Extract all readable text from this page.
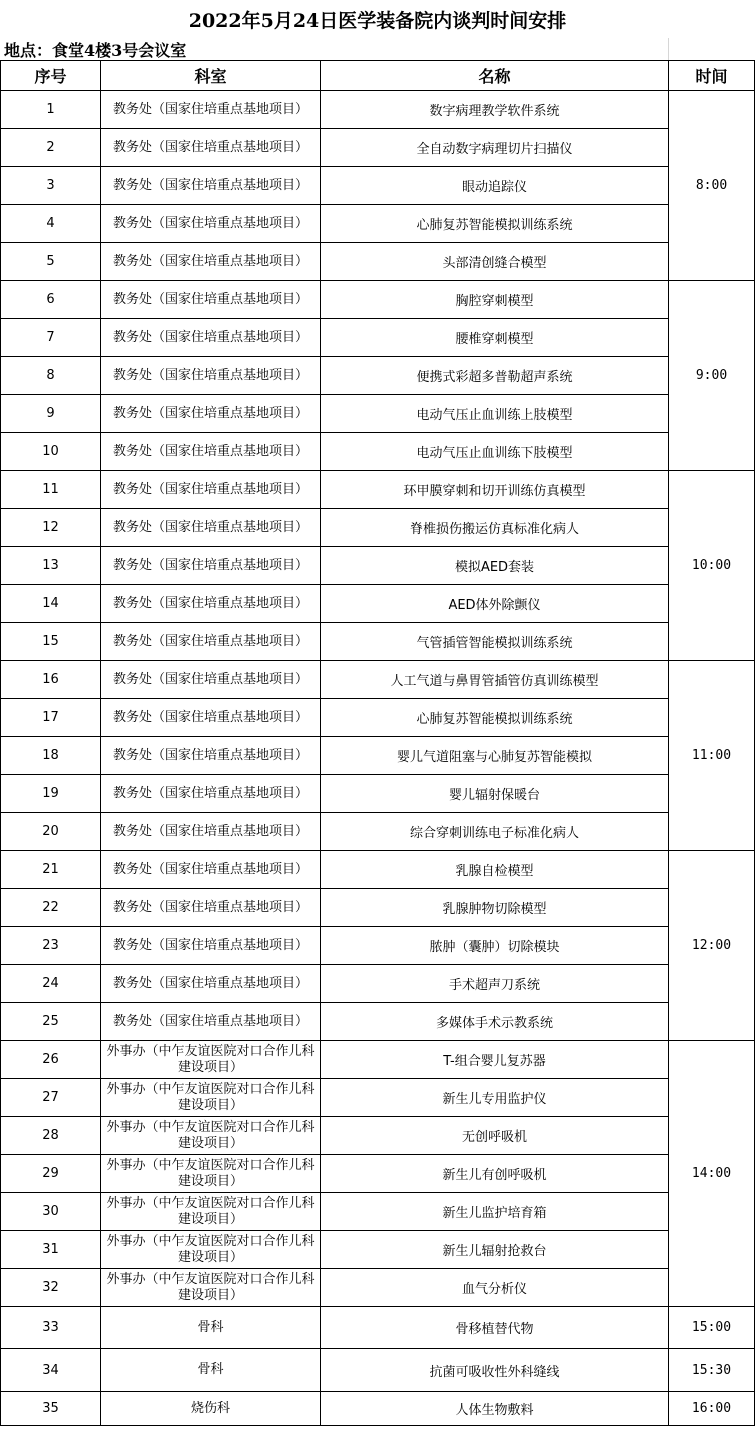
2022年5月24日医学装备院内谈判时间安排
地点：食堂4楼3号会议室
序号	科室	名称	时间
1	教务处（国家住培重点基地项目）	数字病理教学软件系统	8:00
2	教务处（国家住培重点基地项目）	全自动数字病理切片扫描仪	
3	教务处（国家住培重点基地项目）	眼动追踪仪	
4	教务处（国家住培重点基地项目）	心肺复苏智能模拟训练系统	
5	教务处（国家住培重点基地项目）	头部清创缝合模型	
6	教务处（国家住培重点基地项目）	胸腔穿刺模型	9:00
7	教务处（国家住培重点基地项目）	腰椎穿刺模型	
8	教务处（国家住培重点基地项目）	便携式彩超多普勒超声系统	
9	教务处（国家住培重点基地项目）	电动气压止血训练上肢模型	
10	教务处（国家住培重点基地项目）	电动气压止血训练下肢模型	
11	教务处（国家住培重点基地项目）	环甲膜穿刺和切开训练仿真模型	10:00
12	教务处（国家住培重点基地项目）	脊椎损伤搬运仿真标准化病人	
13	教务处（国家住培重点基地项目）	模拟AED套装	
14	教务处（国家住培重点基地项目）	AED体外除颤仪	
15	教务处（国家住培重点基地项目）	气管插管智能模拟训练系统	
16	教务处（国家住培重点基地项目）	人工气道与鼻胃管插管仿真训练模型	11:00
17	教务处（国家住培重点基地项目）	心肺复苏智能模拟训练系统	
18	教务处（国家住培重点基地项目）	婴儿气道阻塞与心肺复苏智能模拟	
19	教务处（国家住培重点基地项目）	婴儿辐射保暖台	
20	教务处（国家住培重点基地项目）	综合穿刺训练电子标准化病人	
21	教务处（国家住培重点基地项目）	乳腺自检模型	12:00
22	教务处（国家住培重点基地项目）	乳腺肿物切除模型	
23	教务处（国家住培重点基地项目）	脓肿（囊肿）切除模块	
24	教务处（国家住培重点基地项目）	手术超声刀系统	
25	教务处（国家住培重点基地项目）	多媒体手术示教系统	
26	外事办（中乍友谊医院对口合作儿科建设项目）	T-组合婴儿复苏器	14:00
27	外事办（中乍友谊医院对口合作儿科建设项目）	新生儿专用监护仪	
28	外事办（中乍友谊医院对口合作儿科建设项目）	无创呼吸机	
29	外事办（中乍友谊医院对口合作儿科建设项目）	新生儿有创呼吸机	
30	外事办（中乍友谊医院对口合作儿科建设项目）	新生儿监护培育箱	
31	外事办（中乍友谊医院对口合作儿科建设项目）	新生儿辐射抢救台	
32	外事办（中乍友谊医院对口合作儿科建设项目）	血气分析仪	
33	骨科	骨移植替代物	15:00
34	骨科	抗菌可吸收性外科缝线	15:30
35	烧伤科	人体生物敷料	16:00
